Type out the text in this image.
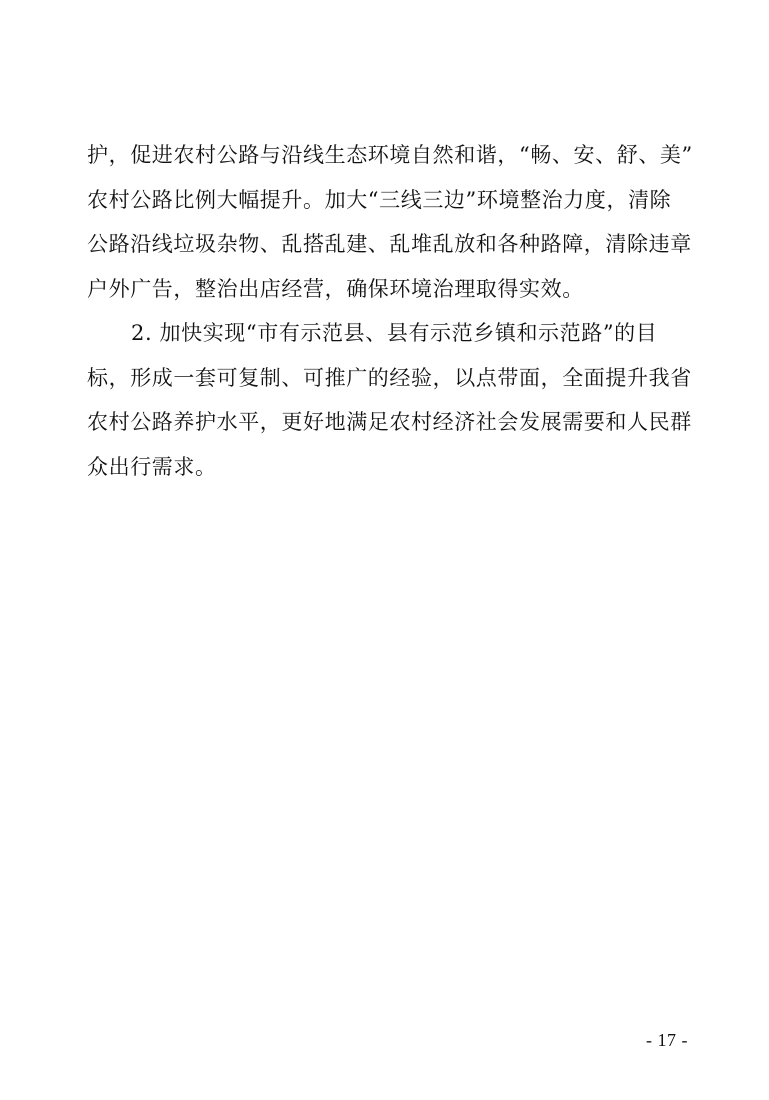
护，促进农村公路与沿线生态环境自然和谐，“畅、安、舒、美”
农村公路比例大幅提升。加大“三线三边”环境整治力度，清除
公路沿线垃圾杂物、乱搭乱建、乱堆乱放和各种路障，清除违章
户外广告，整治出店经营，确保环境治理取得实效。
2. 加快实现“市有示范县、县有示范乡镇和示范路”的目
标，形成一套可复制、可推广的经验，以点带面，全面提升我省
农村公路养护水平，更好地满足农村经济社会发展需要和人民群
众出行需求。
- 17 -
